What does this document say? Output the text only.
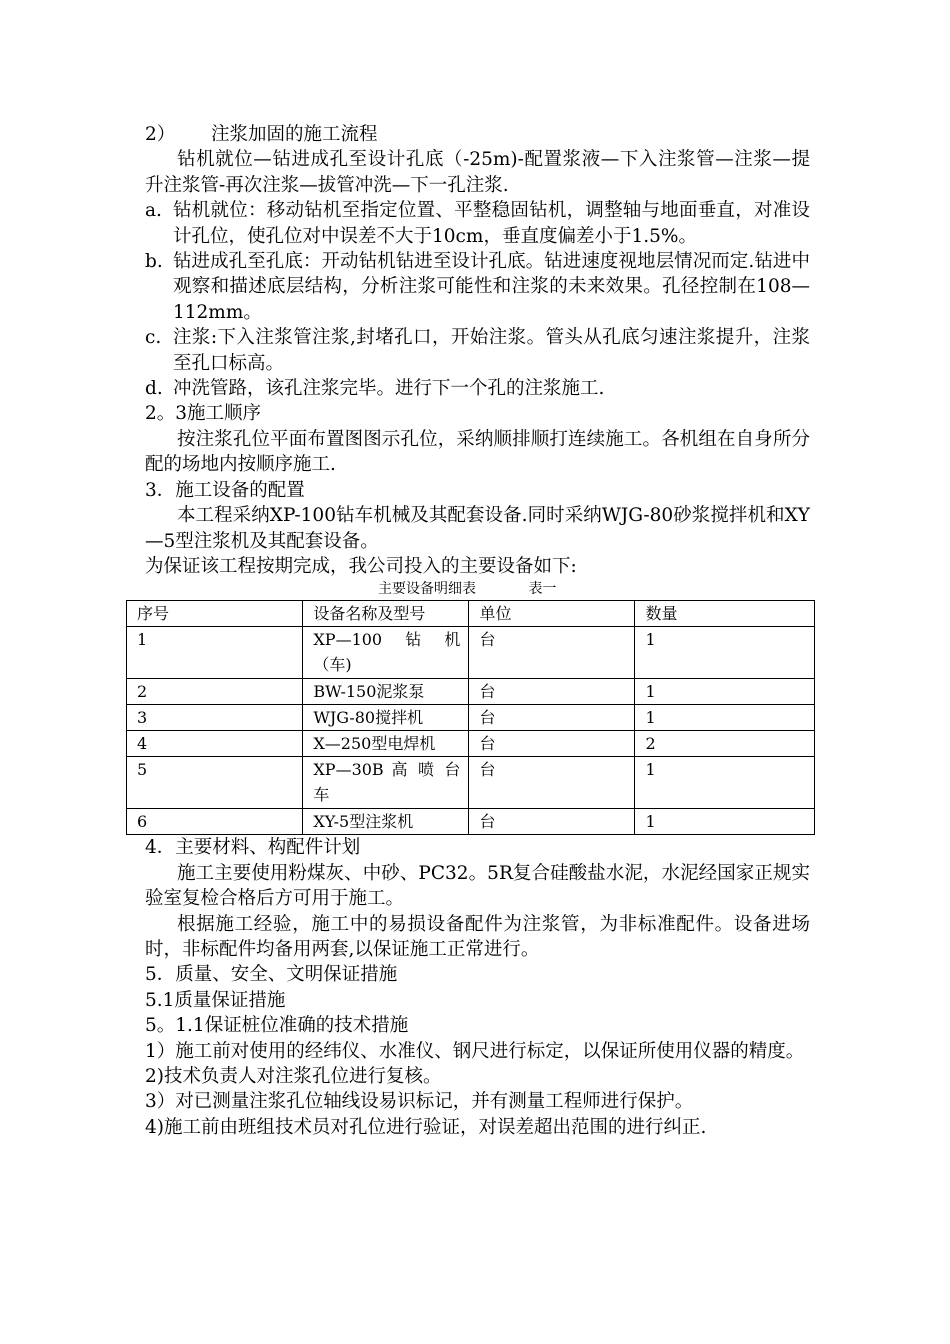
2）	注浆加固的施工流程

钻机就位—钻进成孔至设计孔底（-25m)-配置浆液—下入注浆管—注浆—提升注浆管-再次注浆—拔管冲洗—下一孔注浆.

a. 钻机就位：移动钻机至指定位置、平整稳固钻机，调整轴与地面垂直，对准设计孔位，使孔位对中误差不大于10cm，垂直度偏差小于1.5%。
b. 钻进成孔至孔底：开动钻机钻进至设计孔底。钻进速度视地层情况而定.钻进中观察和描述底层结构，分析注浆可能性和注浆的未来效果。孔径控制在108—112mm。
c. 注浆:下入注浆管注浆,封堵孔口，开始注浆。管头从孔底匀速注浆提升，注浆至孔口标高。
d. 冲洗管路，该孔注浆完毕。进行下一个孔的注浆施工.

2。3施工顺序

按注浆孔位平面布置图图示孔位，采纳顺排顺打连续施工。各机组在自身所分配的场地内按顺序施工.

3．施工设备的配置

本工程采纳XP-100钻车机械及其配套设备.同时采纳WJG-80砂浆搅拌机和XY—5型注浆机及其配套设备。

为保证该工程按期完成，我公司投入的主要设备如下:

主要设备明细表	表一
序号	设备名称及型号	单位	数量
1	XP—100　钻　机（车)	台	1
2	BW-150泥浆泵	台	1
3	WJG-80搅拌机	台	1
4	X—250型电焊机	台	2
5	XP—30B 高 喷 台车	台	1
6	XY-5型注浆机	台	1

4．主要材料、构配件计划

施工主要使用粉煤灰、中砂、PC32。5R复合硅酸盐水泥，水泥经国家正规实验室复检合格后方可用于施工。

根据施工经验，施工中的易损设备配件为注浆管，为非标准配件。设备进场时，非标配件均备用两套,以保证施工正常进行。

5．质量、安全、文明保证措施

5.1质量保证措施

5。1.1保证桩位准确的技术措施

1）施工前对使用的经纬仪、水准仪、钢尺进行标定，以保证所使用仪器的精度。

2)技术负责人对注浆孔位进行复核。

3）对已测量注浆孔位轴线设易识标记，并有测量工程师进行保护。

4)施工前由班组技术员对孔位进行验证，对误差超出范围的进行纠正.
